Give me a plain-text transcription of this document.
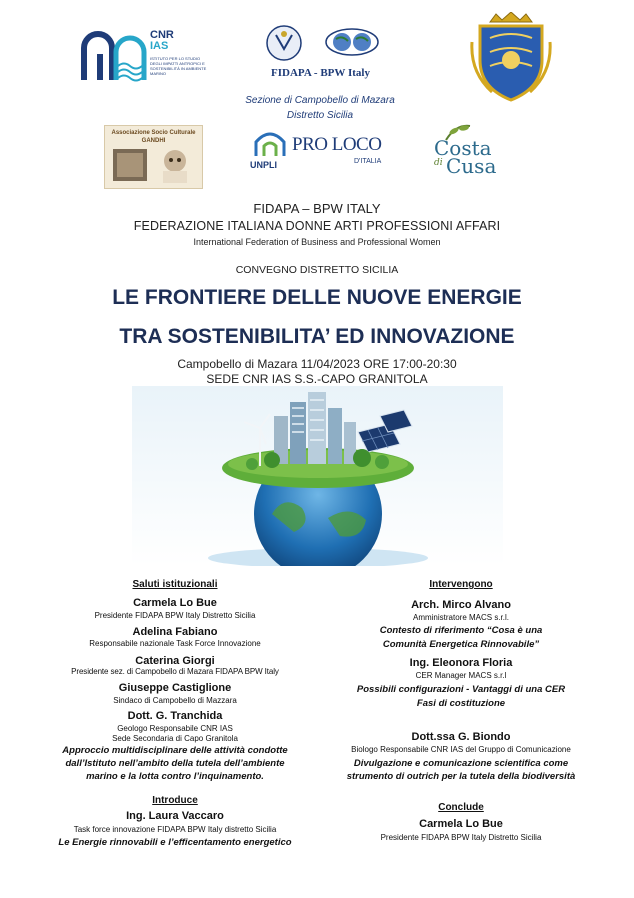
CNR
IAS
ISTITUTO PER LO STUDIO DEGLI IMPATTI ANTROPICI E SOSTENIBILITÀ IN AMBIENTE MARINO	FIDAPA - BPW Italy
Sezione di Campobello di Mazara
Distretto Sicilia
Associazione Socio Culturale GANDHI
UNPLI
PRO LOCO
D'ITALIA
Costa
di Cusa
FIDAPA – BPW ITALY
FEDERAZIONE ITALIANA DONNE ARTI PROFESSIONI AFFARI
International Federation of Business and Professional Women
CONVEGNO DISTRETTO SICILIA
LE FRONTIERE DELLE NUOVE ENERGIE
TRA SOSTENIBILITA’ ED INNOVAZIONE
Campobello di Mazara 11/04/2023 ORE 17:00-20:30
SEDE CNR IAS S.S.-CAPO GRANITOLA
Saluti istituzionali
Carmela Lo Bue
Presidente FIDAPA BPW Italy Distretto Sicilia
Adelina Fabiano
Responsabile nazionale Task Force Innovazione
Caterina Giorgi
Presidente sez. di Campobello di Mazara FIDAPA BPW Italy
Giuseppe Castiglione
Sindaco di Campobello di Mazzara
Dott. G. Tranchida
Geologo Responsabile CNR IAS
Sede Secondaria di Capo Granitola
Approccio multidisciplinare delle attività condotte
dall’Istituto nell’ambito della tutela dell’ambiente
marino e la lotta contro l’inquinamento.
Introduce
Ing. Laura Vaccaro
Task force innovazione FIDAPA BPW Italy distretto Sicilia
Le Energie rinnovabili e l’efficentamento energetico
Intervengono
Arch. Mirco Alvano
Amministratore MACS s.r.l.
Contesto di riferimento “Cosa è una
Comunità Energetica Rinnovabile”
Ing. Eleonora Floria
CER Manager MACS s.r.l
Possibili configurazioni - Vantaggi di una CER
Fasi di costituzione
Dott.ssa G. Biondo
Biologo Responsabile CNR IAS del Gruppo di Comunicazione
Divulgazione e comunicazione scientifica come
strumento di outrich per la tutela della biodiversità
Conclude
Carmela Lo Bue
Presidente FIDAPA BPW Italy Distretto Sicilia
